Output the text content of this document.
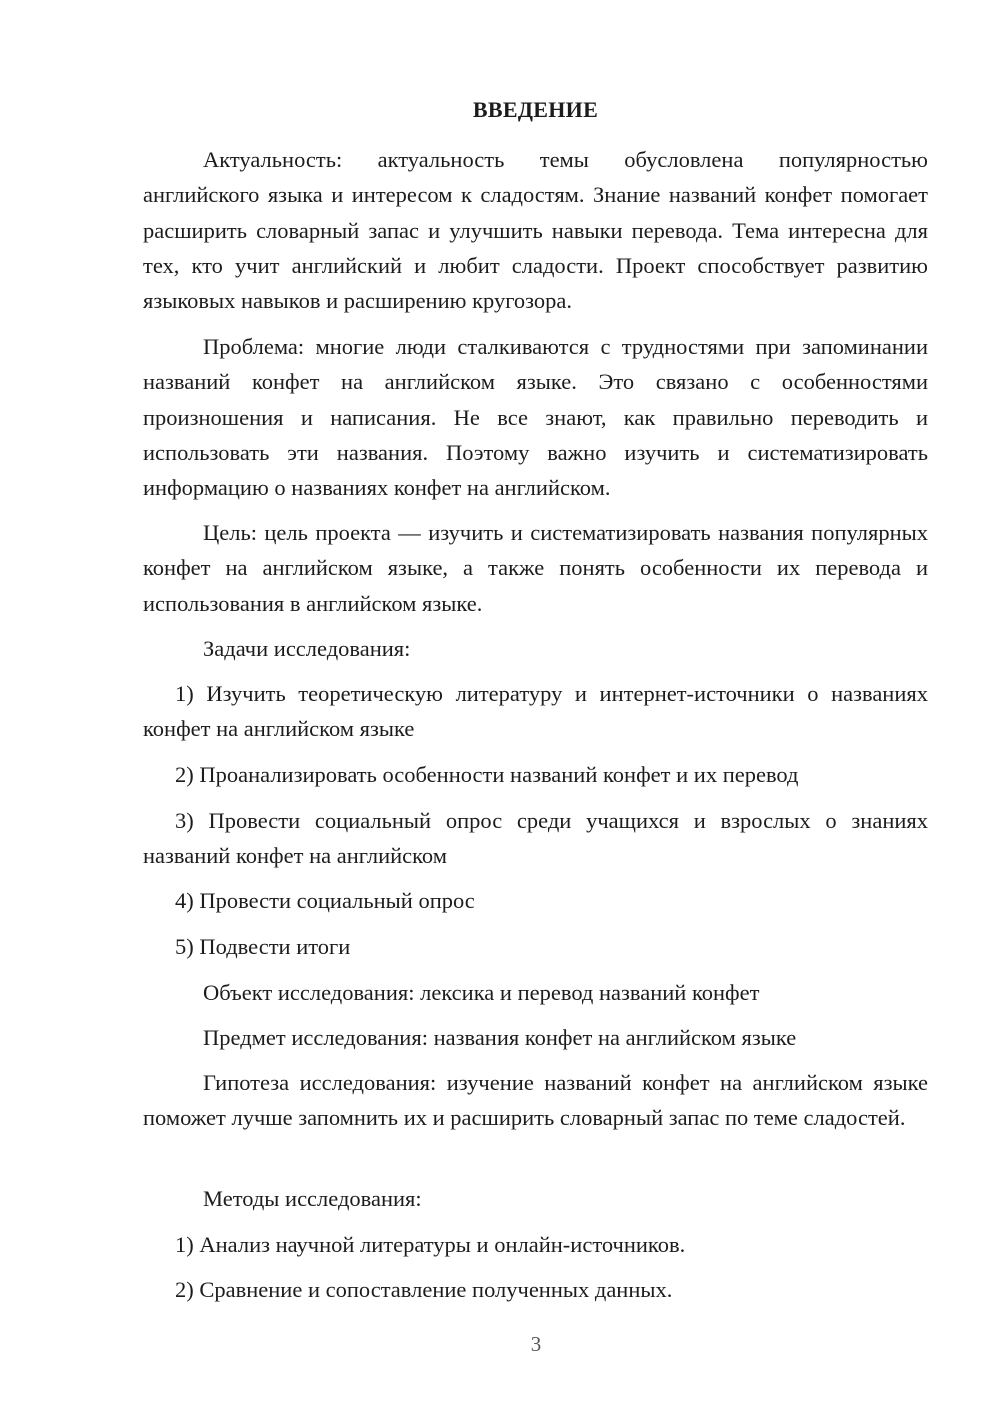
ВВЕДЕНИЕ

Актуальность: актуальность темы обусловлена популярностью английского языка и интересом к сладостям. Знание названий конфет помогает расширить словарный запас и улучшить навыки перевода. Тема интересна для тех, кто учит английский и любит сладости. Проект способствует развитию языковых навыков и расширению кругозора.

Проблема: многие люди сталкиваются с трудностями при запоминании названий конфет на английском языке. Это связано с особенностями произношения и написания. Не все знают, как правильно переводить и использовать эти названия. Поэтому важно изучить и систематизировать информацию о названиях конфет на английском.

Цель: цель проекта — изучить и систематизировать названия популярных конфет на английском языке, а также понять особенности их перевода и использования в английском языке.

Задачи исследования:

1) Изучить теоретическую литературу и интернет-источники о названиях конфет на английском языке

2) Проанализировать особенности названий конфет и их перевод

3) Провести социальный опрос среди учащихся и взрослых о знаниях названий конфет на английском

4) Провести социальный опрос

5) Подвести итоги

Объект исследования: лексика и перевод названий конфет

Предмет исследования: названия конфет на английском языке

Гипотеза исследования: изучение названий конфет на английском языке поможет лучше запомнить их и расширить словарный запас по теме сладостей.

Методы исследования:

1) Анализ научной литературы и онлайн-источников.

2) Сравнение и сопоставление полученных данных.

3
